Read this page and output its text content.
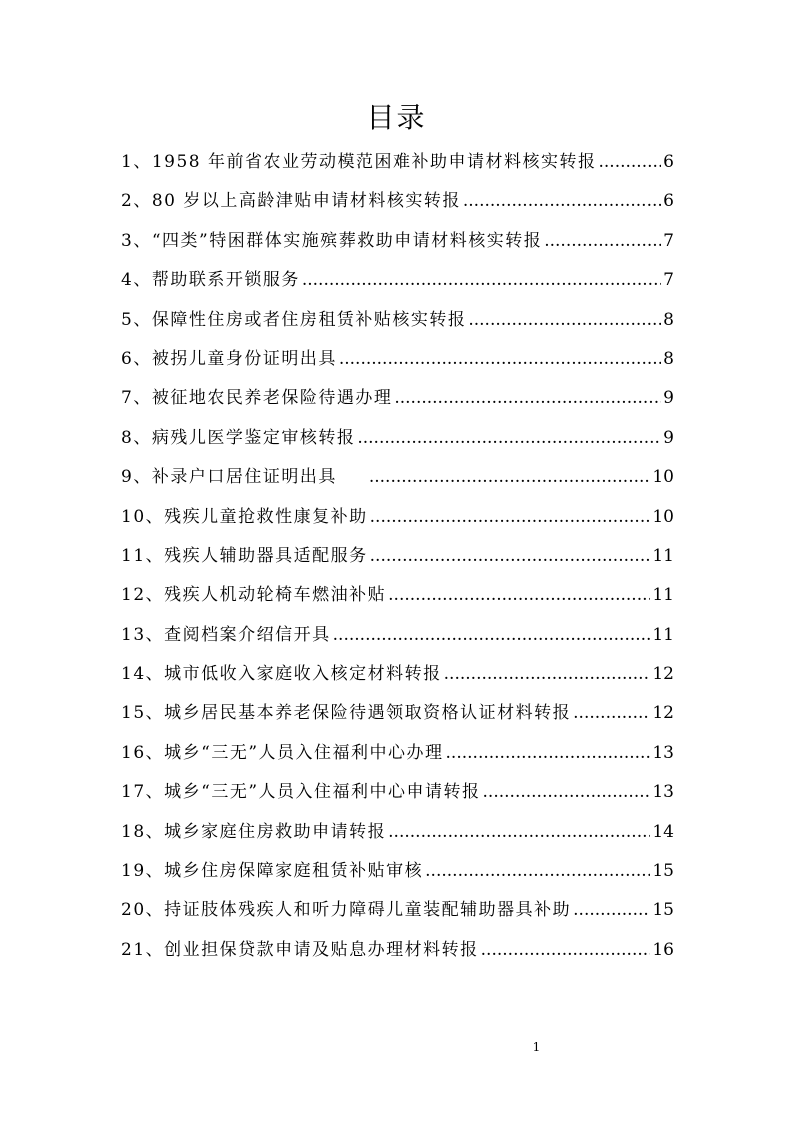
目录
1、1958 年前省农业劳动模范困难补助申请材料核实转报 .....	6
2、80 岁以上高龄津贴申请材料核实转报 .....	6
3、“四类”特困群体实施殡葬救助申请材料核实转报 .....	7
4、帮助联系开锁服务 .....	7
5、保障性住房或者住房租赁补贴核实转报 .....	8
6、被拐儿童身份证明出具 .....	8
7、被征地农民养老保险待遇办理 .....	9
8、病残儿医学鉴定审核转报 .....	9
9、补录户口居住证明出具 .....	10
10、残疾儿童抢救性康复补助 .....	10
11、残疾人辅助器具适配服务 .....	11
12、残疾人机动轮椅车燃油补贴 .....	11
13、查阅档案介绍信开具 .....	11
14、城市低收入家庭收入核定材料转报 .....	12
15、城乡居民基本养老保险待遇领取资格认证材料转报 .....	12
16、城乡“三无”人员入住福利中心办理 .....	13
17、城乡“三无”人员入住福利中心申请转报 .....	13
18、城乡家庭住房救助申请转报 .....	14
19、城乡住房保障家庭租赁补贴审核 .....	15
20、持证肢体残疾人和听力障碍儿童装配辅助器具补助 .....	15
21、创业担保贷款申请及贴息办理材料转报 .....	16
1
